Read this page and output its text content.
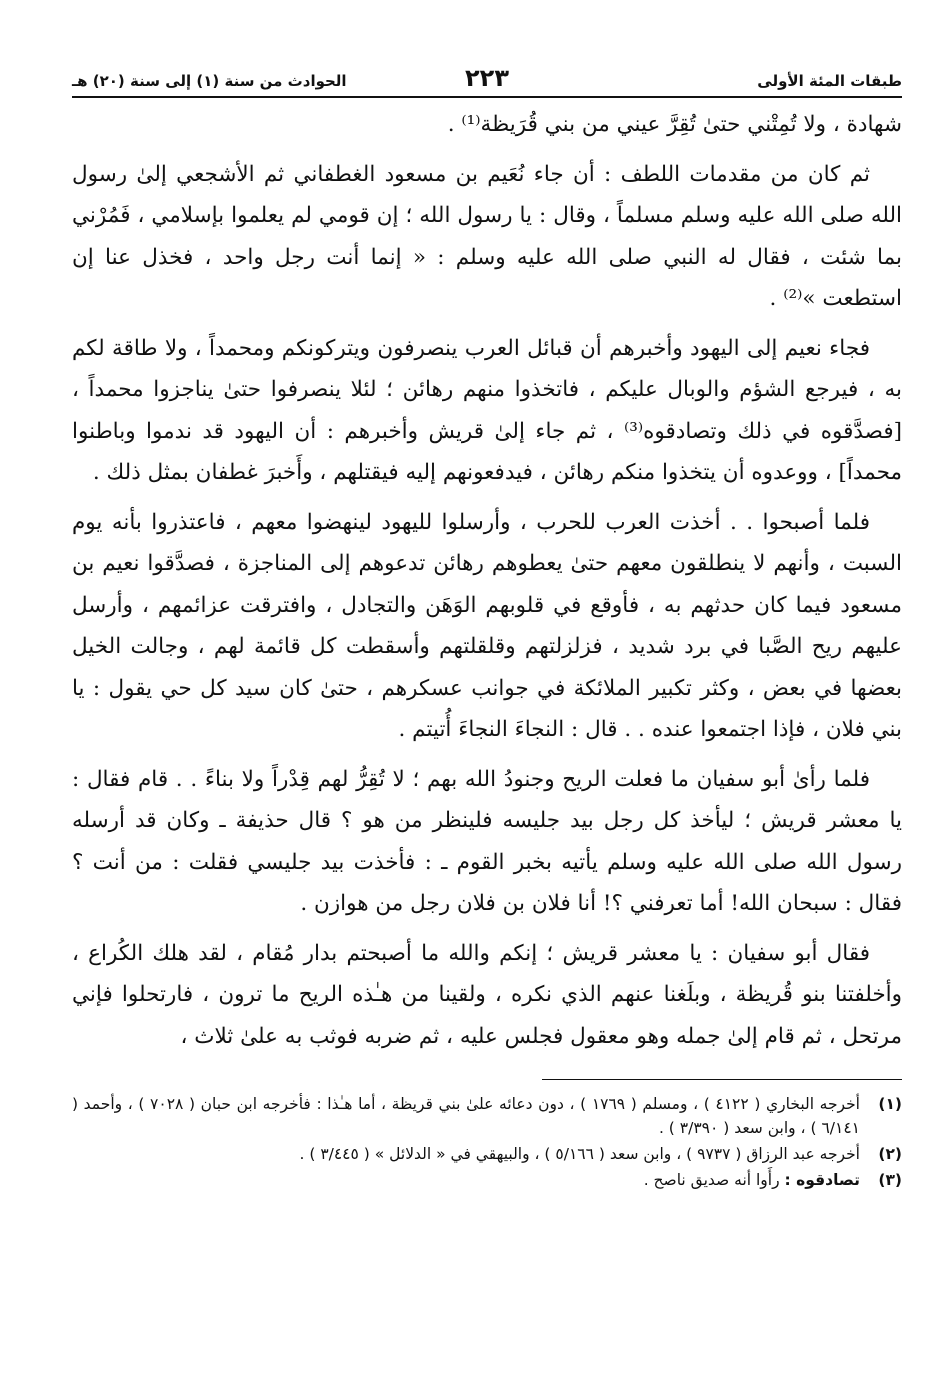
طبقات المئة الأولى
٢٢٣
الحوادث من سنة (١) إلى سنة (٢٠) هـ

شهادة ، ولا تُمِتْني حتىٰ تُقِرَّ عيني من بني قُرَيظة⁽¹⁾ .

ثم كان من مقدمات اللطف : أن جاء نُعَيم بن مسعود الغطفاني ثم الأشجعي إلىٰ رسول الله صلى الله عليه وسلم مسلماً ، وقال : يا رسول الله ؛ إن قومي لم يعلموا بإسلامي ، فَمُرْني بما شئت ، فقال له النبي صلى الله عليه وسلم : « إنما أنت رجل واحد ، فخذل عنا إن استطعت »⁽²⁾ .

فجاء نعيم إلى اليهود وأخبرهم أن قبائل العرب ينصرفون ويتركونكم ومحمداً ، ولا طاقة لكم به ، فيرجع الشؤم والوبال عليكم ، فاتخذوا منهم رهائن ؛ لئلا ينصرفوا حتىٰ يناجزوا محمداً ، [فصدَّقوه في ذلك وتصادقوه⁽³⁾ ، ثم جاء إلىٰ قريش وأخبرهم : أن اليهود قد ندموا وباطنوا محمداً] ، ووعدوه أن يتخذوا منكم رهائن ، فيدفعونهم إليه فيقتلهم ، وأَخبرَ غطفان بمثل ذلك .

فلما أصبحوا . . أخذت العرب للحرب ، وأرسلوا لليهود لينهضوا معهم ، فاعتذروا بأنه يوم السبت ، وأنهم لا ينطلقون معهم حتىٰ يعطوهم رهائن تدعوهم إلى المناجزة ، فصدَّقوا نعيم بن مسعود فيما كان حدثهم به ، فأوقع في قلوبهم الوَهَن والتجادل ، وافترقت عزائمهم ، وأرسل عليهم ريح الصَّبا في برد شديد ، فزلزلتهم وقلقلتهم وأسقطت كل قائمة لهم ، وجالت الخيل بعضها في بعض ، وكثر تكبير الملائكة في جوانب عسكرهم ، حتىٰ كان سيد كل حي يقول : يا بني فلان ، فإذا اجتمعوا عنده . . قال : النجاءَ النجاءَ أُتيتم .

فلما رأىٰ أبو سفيان ما فعلت الريح وجنودُ الله بهم ؛ لا تُقِرُّ لهم قِدْراً ولا بناءً . . قام فقال : يا معشر قريش ؛ ليأخذ كل رجل بيد جليسه فلينظر من هو ؟ قال حذيفة ـ وكان قد أرسله رسول الله صلى الله عليه وسلم يأتيه بخبر القوم ـ : فأخذت بيد جليسي فقلت : من أنت ؟ فقال : سبحان الله! أما تعرفني ؟! أنا فلان بن فلان رجل من هوازن .

فقال أبو سفيان : يا معشر قريش ؛ إنكم والله ما أصبحتم بدار مُقام ، لقد هلك الكُراع ، وأخلفتنا بنو قُريظة ، وبلَغنا عنهم الذي نكره ، ولقينا من هـٰذه الريح ما ترون ، فارتحلوا فإني مرتحل ، ثم قام إلىٰ جمله وهو معقول فجلس عليه ، ثم ضربه فوثب به علىٰ ثلاث ،

(١)
أخرجه البخاري ( ٤١٢٢ ) ، ومسلم ( ١٧٦٩ ) ، دون دعائه علىٰ بني قريظة ، أما هـٰذا : فأخرجه ابن حبان ( ٧٠٢٨ ) ، وأحمد ( ٦/١٤١ ) ، وابن سعد ( ٣/٣٩٠ ) .
(٢)
أخرجه عبد الرزاق ( ٩٧٣٧ ) ، وابن سعد ( ٥/١٦٦ ) ، والبيهقي في « الدلائل » ( ٣/٤٤٥ ) .
(٣)
تصادقوه : رأَوا أنه صديق ناصح .
